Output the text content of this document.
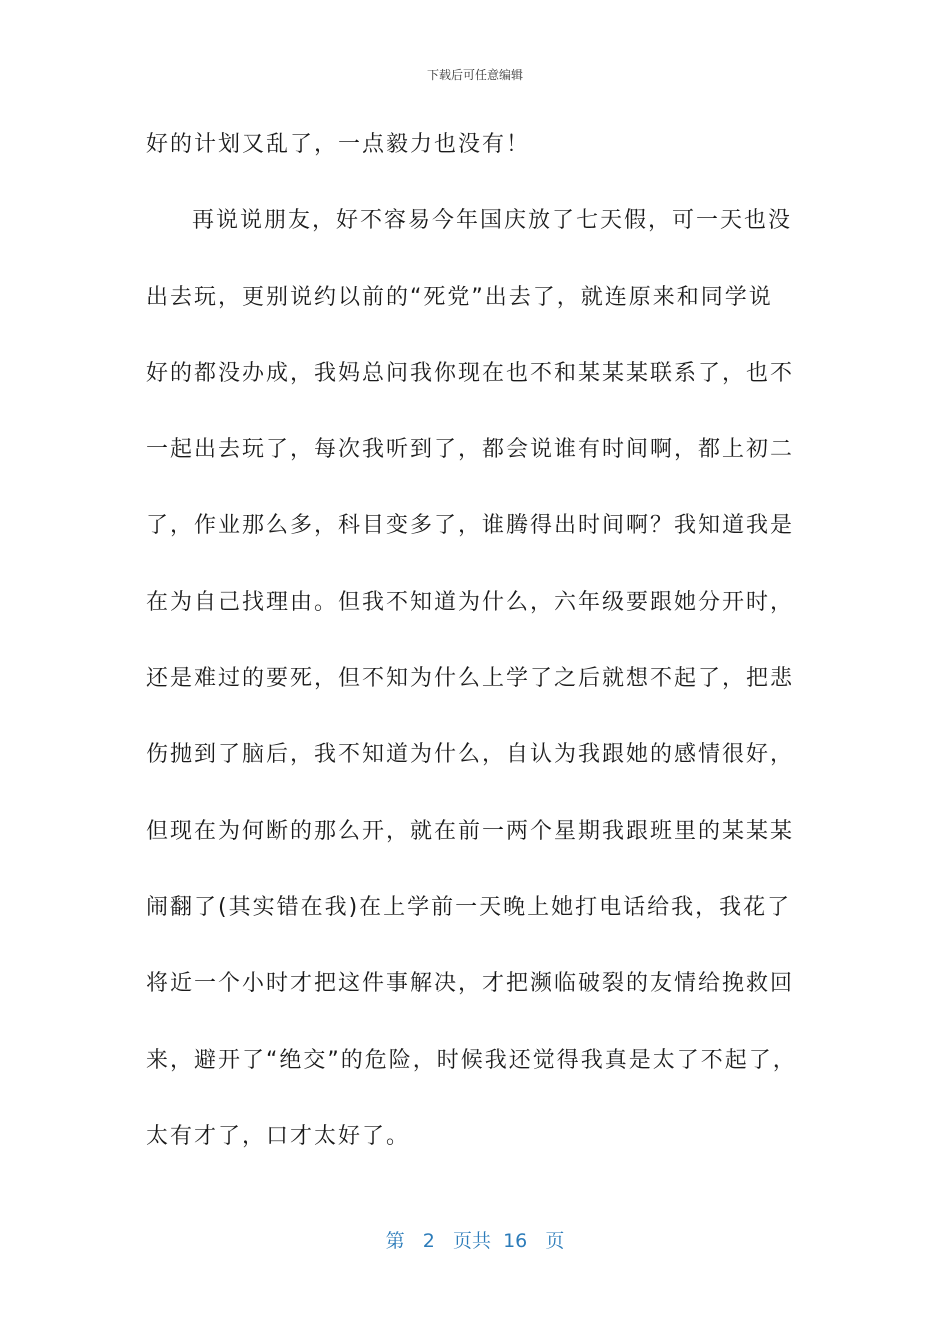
下载后可任意编辑
好的计划又乱了，一点毅力也没有！
再说说朋友，好不容易今年国庆放了七天假，可一天也没
出去玩，更别说约以前的“死党”出去了，就连原来和同学说
好的都没办成，我妈总问我你现在也不和某某某联系了，也不
一起出去玩了，每次我听到了，都会说谁有时间啊，都上初二
了，作业那么多，科目变多了，谁腾得出时间啊？我知道我是
在为自己找理由。但我不知道为什么，六年级要跟她分开时，
还是难过的要死，但不知为什么上学了之后就想不起了，把悲
伤抛到了脑后，我不知道为什么，自认为我跟她的感情很好，
但现在为何断的那么开，就在前一两个星期我跟班里的某某某
闹翻了(其实错在我)在上学前一天晚上她打电话给我，我花了
将近一个小时才把这件事解决，才把濒临破裂的友情给挽救回
来，避开了“绝交”的危险，时候我还觉得我真是太了不起了，
太有才了，口才太好了。
第 2 页共 16 页
